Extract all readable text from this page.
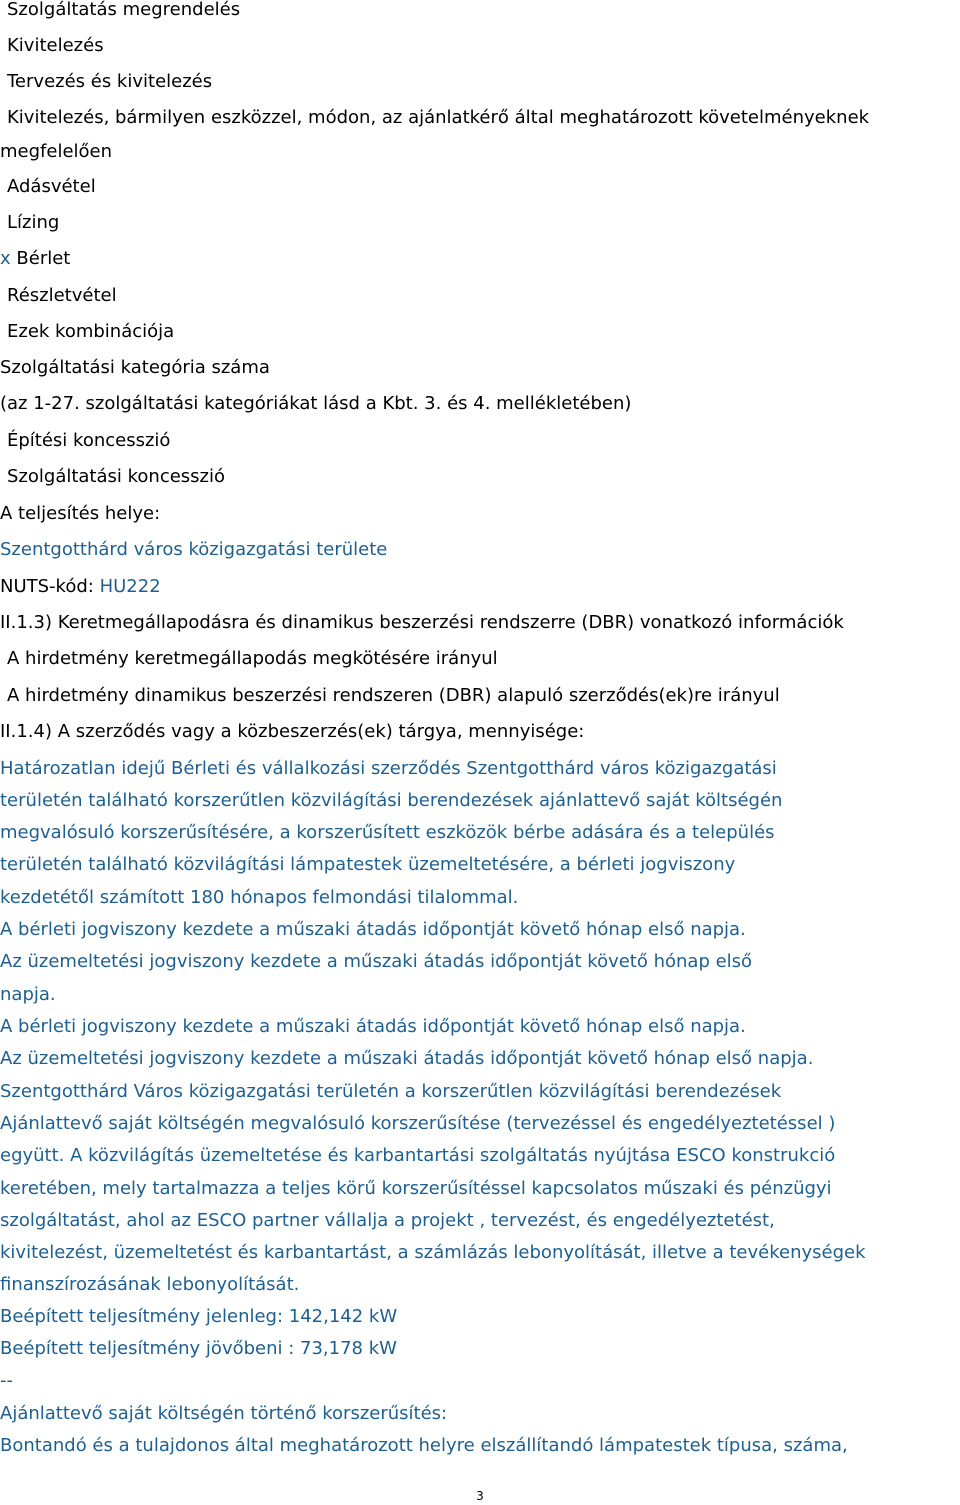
Szolgáltatás megrendelés
Kivitelezés
Tervezés és kivitelezés
Kivitelezés, bármilyen eszközzel, módon, az ajánlatkérő által meghatározott követelményeknek
megfelelően
Adásvétel
Lízing
x Bérlet
Részletvétel
Ezek kombinációja
Szolgáltatási kategória száma
(az 1-27. szolgáltatási kategóriákat lásd a Kbt. 3. és 4. mellékletében)
Építési koncesszió
Szolgáltatási koncesszió
A teljesítés helye:
Szentgotthárd város közigazgatási területe
NUTS-kód: HU222
II.1.3) Keretmegállapodásra és dinamikus beszerzési rendszerre (DBR) vonatkozó információk
A hirdetmény keretmegállapodás megkötésére irányul
A hirdetmény dinamikus beszerzési rendszeren (DBR) alapuló szerződés(ek)re irányul
II.1.4) A szerződés vagy a közbeszerzés(ek) tárgya, mennyisége:
Határozatlan idejű Bérleti és vállalkozási szerződés Szentgotthárd város közigazgatási
területén található korszerűtlen közvilágítási berendezések ajánlattevő saját költségén
megvalósuló korszerűsítésére, a korszerűsített eszközök bérbe adására és a település
területén található közvilágítási lámpatestek üzemeltetésére, a bérleti jogviszony
kezdetétől számított 180 hónapos felmondási tilalommal.
A bérleti jogviszony kezdete a műszaki átadás időpontját követő hónap első napja.
Az üzemeltetési jogviszony kezdete a műszaki átadás időpontját követő hónap első
napja.
A bérleti jogviszony kezdete a műszaki átadás időpontját követő hónap első napja.
Az üzemeltetési jogviszony kezdete a műszaki átadás időpontját követő hónap első napja.
Szentgotthárd Város közigazgatási területén a korszerűtlen közvilágítási berendezések
Ajánlattevő saját költségén megvalósuló korszerűsítése (tervezéssel és engedélyeztetéssel )
együtt. A közvilágítás üzemeltetése és karbantartási szolgáltatás nyújtása ESCO konstrukció
keretében, mely tartalmazza a teljes körű korszerűsítéssel kapcsolatos műszaki és pénzügyi
szolgáltatást, ahol az ESCO partner vállalja a projekt , tervezést, és engedélyeztetést,
kivitelezést, üzemeltetést és karbantartást, a számlázás lebonyolítását, illetve a tevékenységek
finanszírozásának lebonyolítását.
Beépített teljesítmény jelenleg: 142,142 kW
Beépített teljesítmény jövőbeni : 73,178 kW
--
Ajánlattevő saját költségén történő korszerűsítés:
Bontandó és a tulajdonos által meghatározott helyre elszállítandó lámpatestek típusa, száma,
3
